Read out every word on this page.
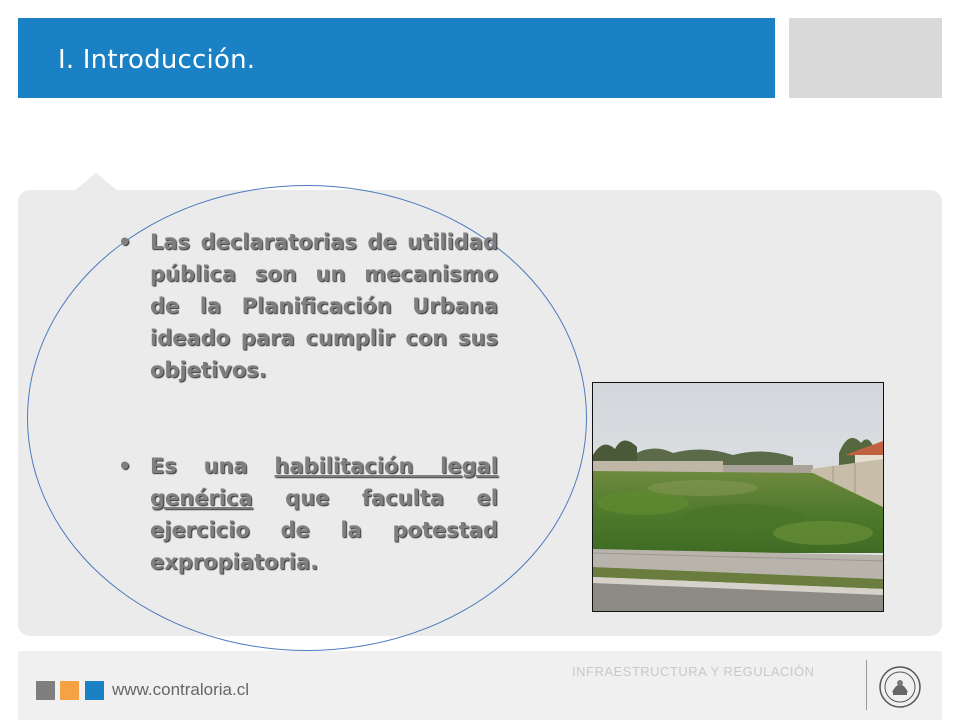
I. Introducción.
• Las declaratorias de utilidad pública son un mecanismo de la Planificación Urbana ideado para cumplir con sus objetivos.
• Es una habilitación legal genérica que faculta el ejercicio de la potestad expropiatoria.
www.contraloria.cl
INFRAESTRUCTURA Y REGULACIÓN
